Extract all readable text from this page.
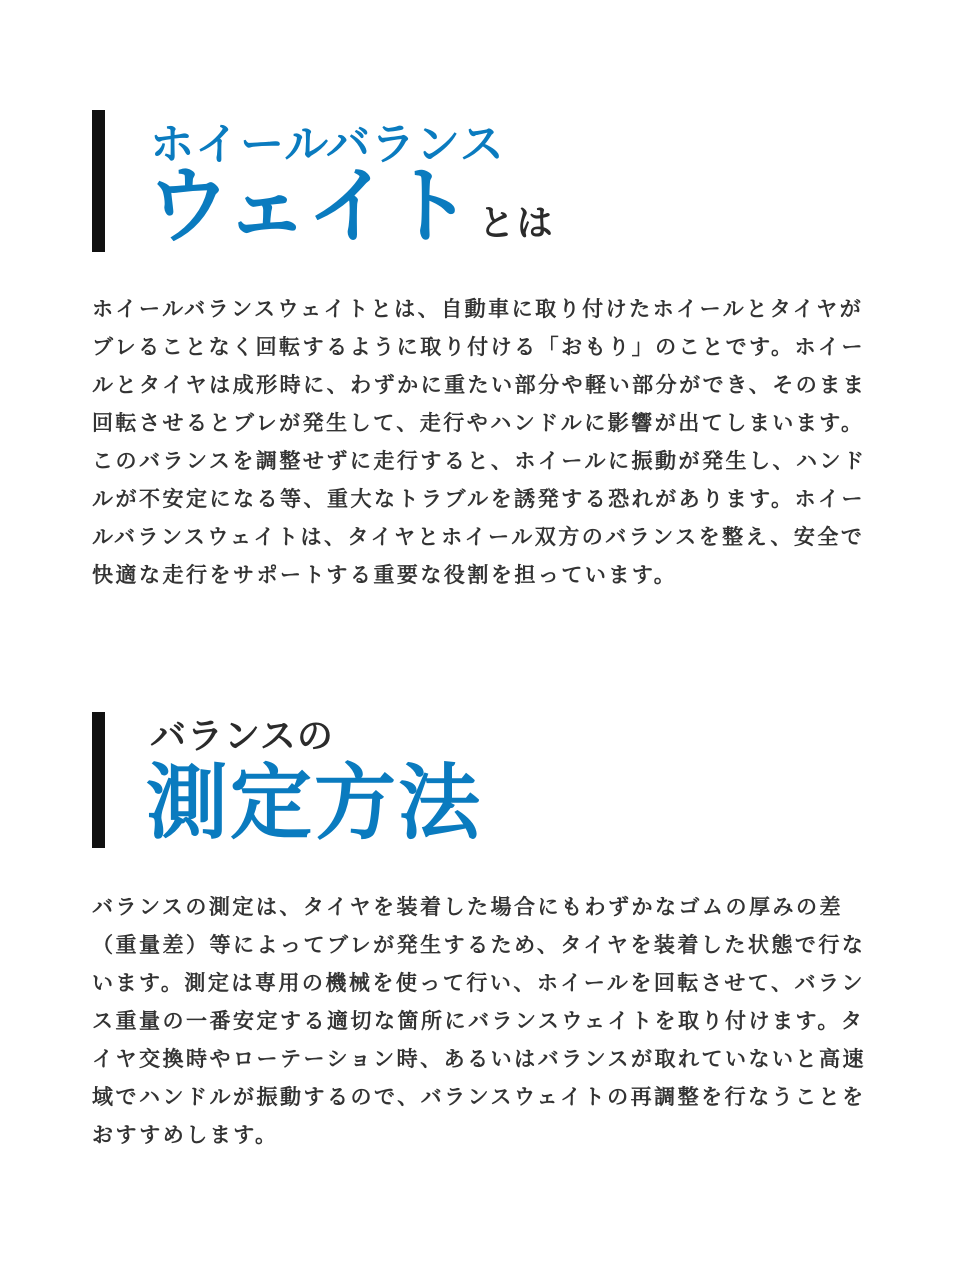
ホイールバランス
ウェイト とは

ホイールバランスウェイトとは、自動車に取り付けたホイールとタイヤがブレることなく回転するように取り付ける「おもり」のことです。ホイールとタイヤは成形時に、わずかに重たい部分や軽い部分ができ、そのまま回転させるとブレが発生して、走行やハンドルに影響が出てしまいます。このバランスを調整せずに走行すると、ホイールに振動が発生し、ハンドルが不安定になる等、重大なトラブルを誘発する恐れがあります。ホイールバランスウェイトは、タイヤとホイール双方のバランスを整え、安全で快適な走行をサポートする重要な役割を担っています。

バランスの
測定方法

バランスの測定は、タイヤを装着した場合にもわずかなゴムの厚みの差（重量差）等によってブレが発生するため、タイヤを装着した状態で行ないます。測定は専用の機械を使って行い、ホイールを回転させて、バランス重量の一番安定する適切な箇所にバランスウェイトを取り付けます。タイヤ交換時やローテーション時、あるいはバランスが取れていないと高速域でハンドルが振動するので、バランスウェイトの再調整を行なうことをおすすめします。
